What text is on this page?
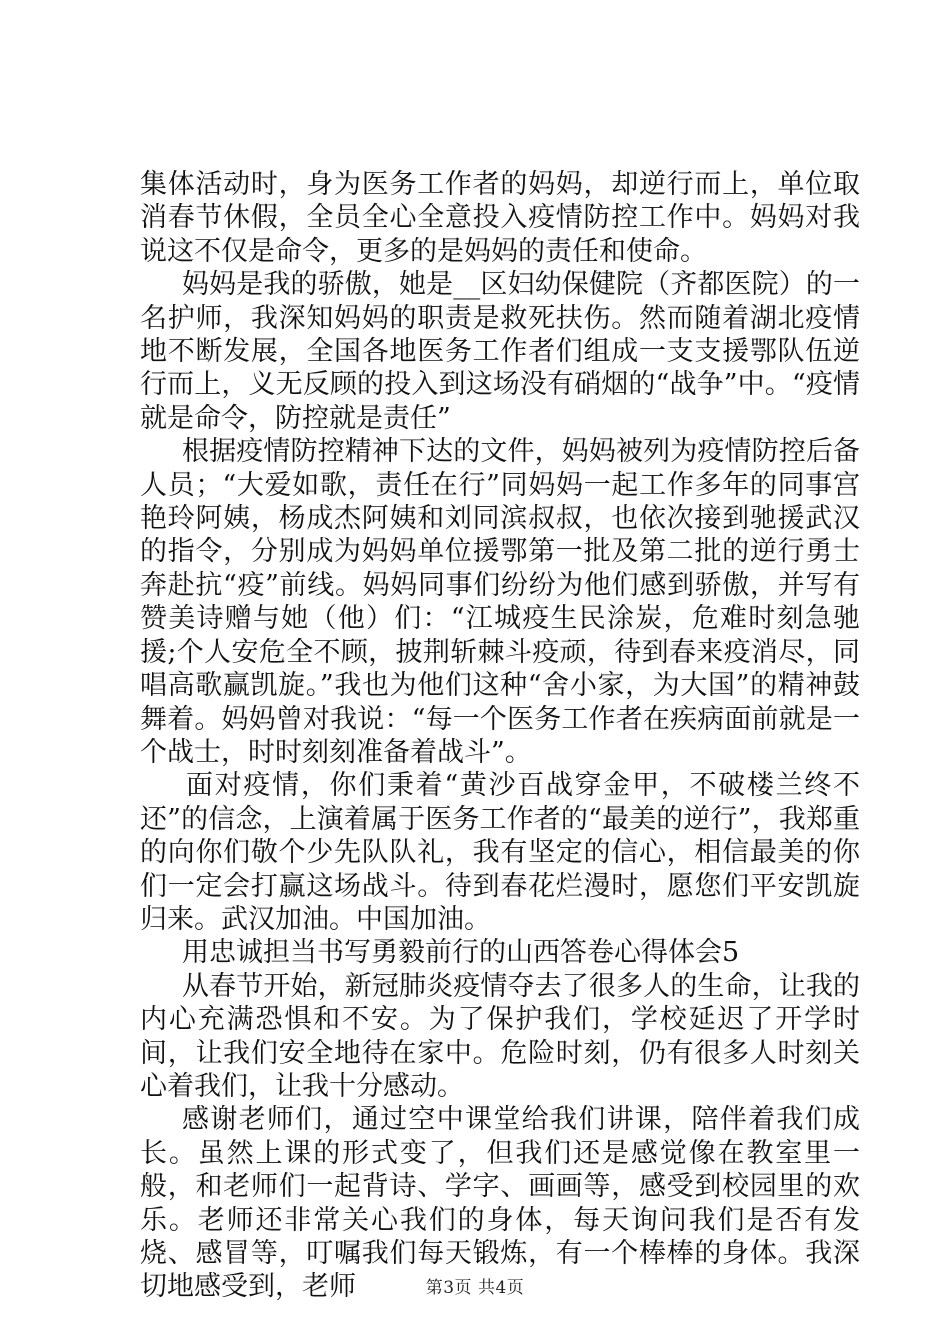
集体活动时，身为医务工作者的妈妈，却逆行而上，单位取消春节休假，全员全心全意投入疫情防控工作中。妈妈对我说这不仅是命令，更多的是妈妈的责任和使命。

妈妈是我的骄傲，她是__区妇幼保健院（齐都医院）的一名护师，我深知妈妈的职责是救死扶伤。然而随着湖北疫情地不断发展，全国各地医务工作者们组成一支支援鄂队伍逆行而上，义无反顾的投入到这场没有硝烟的“战争”中。“疫情就是命令，防控就是责任”

根据疫情防控精神下达的文件，妈妈被列为疫情防控后备人员；“大爱如歌，责任在行”同妈妈一起工作多年的同事宫艳玲阿姨，杨成杰阿姨和刘同滨叔叔，也依次接到驰援武汉的指令，分别成为妈妈单位援鄂第一批及第二批的逆行勇士奔赴抗“疫”前线。妈妈同事们纷纷为他们感到骄傲，并写有赞美诗赠与她（他）们：“江城疫生民涂炭，危难时刻急驰援;个人安危全不顾，披荆斩棘斗疫顽，待到春来疫消尽，同唱高歌赢凯旋。”我也为他们这种“舍小家，为大国”的精神鼓舞着。妈妈曾对我说：“每一个医务工作者在疾病面前就是一个战士，时时刻刻准备着战斗”。

面对疫情，你们秉着“黄沙百战穿金甲，不破楼兰终不还”的信念，上演着属于医务工作者的“最美的逆行”，我郑重的向你们敬个少先队队礼，我有坚定的信心，相信最美的你们一定会打赢这场战斗。待到春花烂漫时，愿您们平安凯旋归来。武汉加油。中国加油。

用忠诚担当书写勇毅前行的山西答卷心得体会5

从春节开始，新冠肺炎疫情夺去了很多人的生命，让我的内心充满恐惧和不安。为了保护我们，学校延迟了开学时间，让我们安全地待在家中。危险时刻，仍有很多人时刻关心着我们，让我十分感动。

感谢老师们，通过空中课堂给我们讲课，陪伴着我们成长。虽然上课的形式变了，但我们还是感觉像在教室里一般，和老师们一起背诗、学字、画画等，感受到校园里的欢乐。老师还非常关心我们的身体，每天询问我们是否有发烧、感冒等，叮嘱我们每天锻炼，有一个棒棒的身体。我深切地感受到，老师	第3页 共4页
